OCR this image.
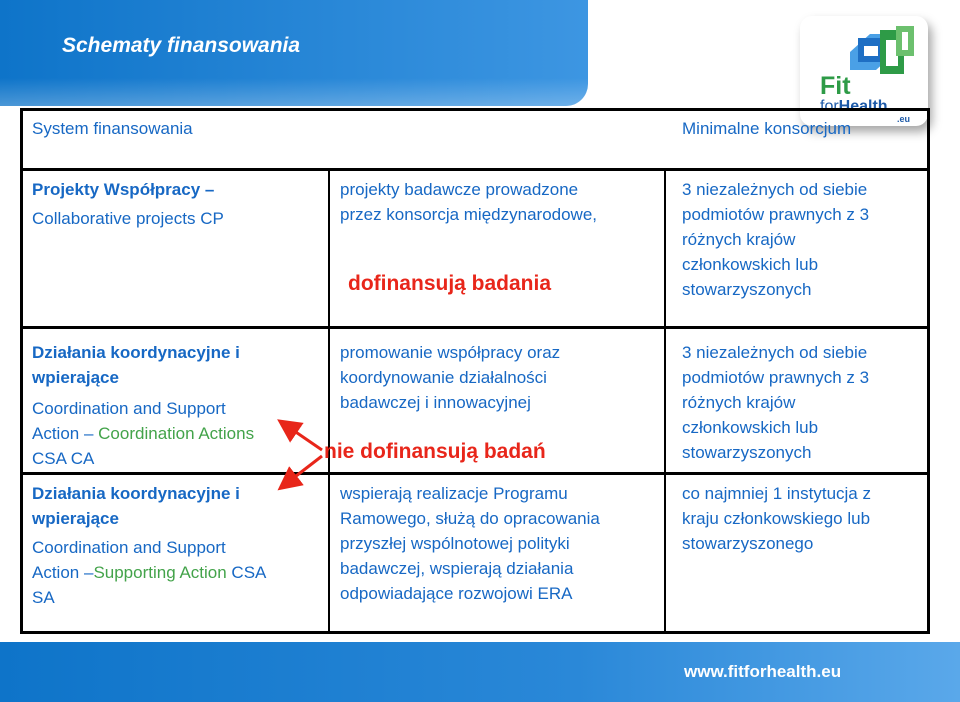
Schematy finansowania
Fit
forHealth
.eu

System finansowania	Minimalne konsorcjum

Projekty Współpracy –

Collaborative projects CP

projekty badawcze prowadzone

przez konsorcja międzynarodowe,

dofinansują badania

3 niezależnych od siebie

podmiotów prawnych z 3

różnych krajów

członkowskich lub

stowarzyszonych

Działania koordynacyjne i

wpierające

Coordination and Support

Action – Coordination Actions

CSA CA

promowanie współpracy oraz

koordynowanie działalności

badawczej i innowacyjnej

nie dofinansują badań

3 niezależnych od siebie

podmiotów prawnych z 3

różnych krajów

członkowskich lub

stowarzyszonych

Działania koordynacyjne i

wpierające

Coordination and Support

Action –Supporting Action CSA

SA

wspierają realizacje Programu

Ramowego, służą do opracowania

przyszłej wspólnotowej polityki

badawczej, wspierają działania

odpowiadające rozwojowi ERA

co najmniej 1 instytucja z

kraju członkowskiego lub

stowarzyszonego

www.fitforhealth.eu
